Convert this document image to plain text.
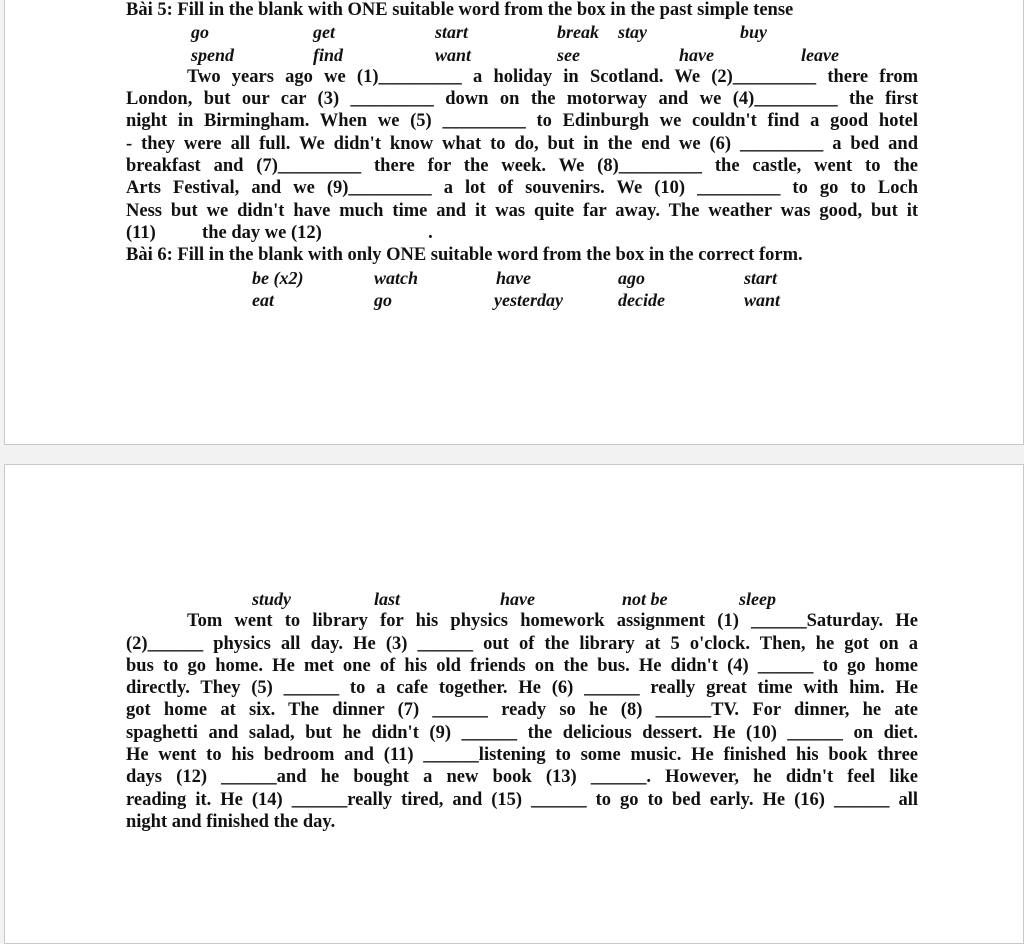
Bài 5: Fill in the blank with ONE suitable word from the box in the past simple tense
go	get	start	break stay	buy
spend	find	want	see	have	leave
Two years ago we (1)_________ a holiday in Scotland. We (2)_________ there from
London, but our car (3) _________ down on the motorway and we (4)_________ the first
night in Birmingham. When we (5) _________ to Edinburgh we couldn't find a good hotel
- they were all full. We didn't know what to do, but in the end we (6) _________ a bed and
breakfast and (7)_________ there for the week. We (8)_________ the castle, went to the
Arts Festival, and we (9)_________ a lot of souvenirs. We (10) _________ to go to Loch
Ness but we didn't have much time and it was quite far away. The weather was good, but it
(11)          the day we (12)                       .
Bài 6: Fill in the blank with only ONE suitable word from the box in the correct form.
be (x2)	watch	have	ago	start
eat	go	yesterday	decide	want
study	last	have	not be	sleep
Tom went to library for his physics homework assignment (1) ______Saturday. He
(2)______ physics all day. He (3) ______ out of the library at 5 o'clock. Then, he got on a
bus to go home. He met one of his old friends on the bus. He didn't (4) ______ to go home
directly. They (5) ______ to a cafe together. He (6) ______ really great time with him. He
got home at six. The dinner (7) ______ ready so he (8) ______TV. For dinner, he ate
spaghetti and salad, but he didn't (9) ______ the delicious dessert. He (10) ______ on diet.
He went to his bedroom and (11) ______listening to some music. He finished his book three
days (12) ______and he bought a new book (13) ______. However, he didn't feel like
reading it. He (14) ______really tired, and (15) ______ to go to bed early. He (16) ______ all
night and finished the day.
